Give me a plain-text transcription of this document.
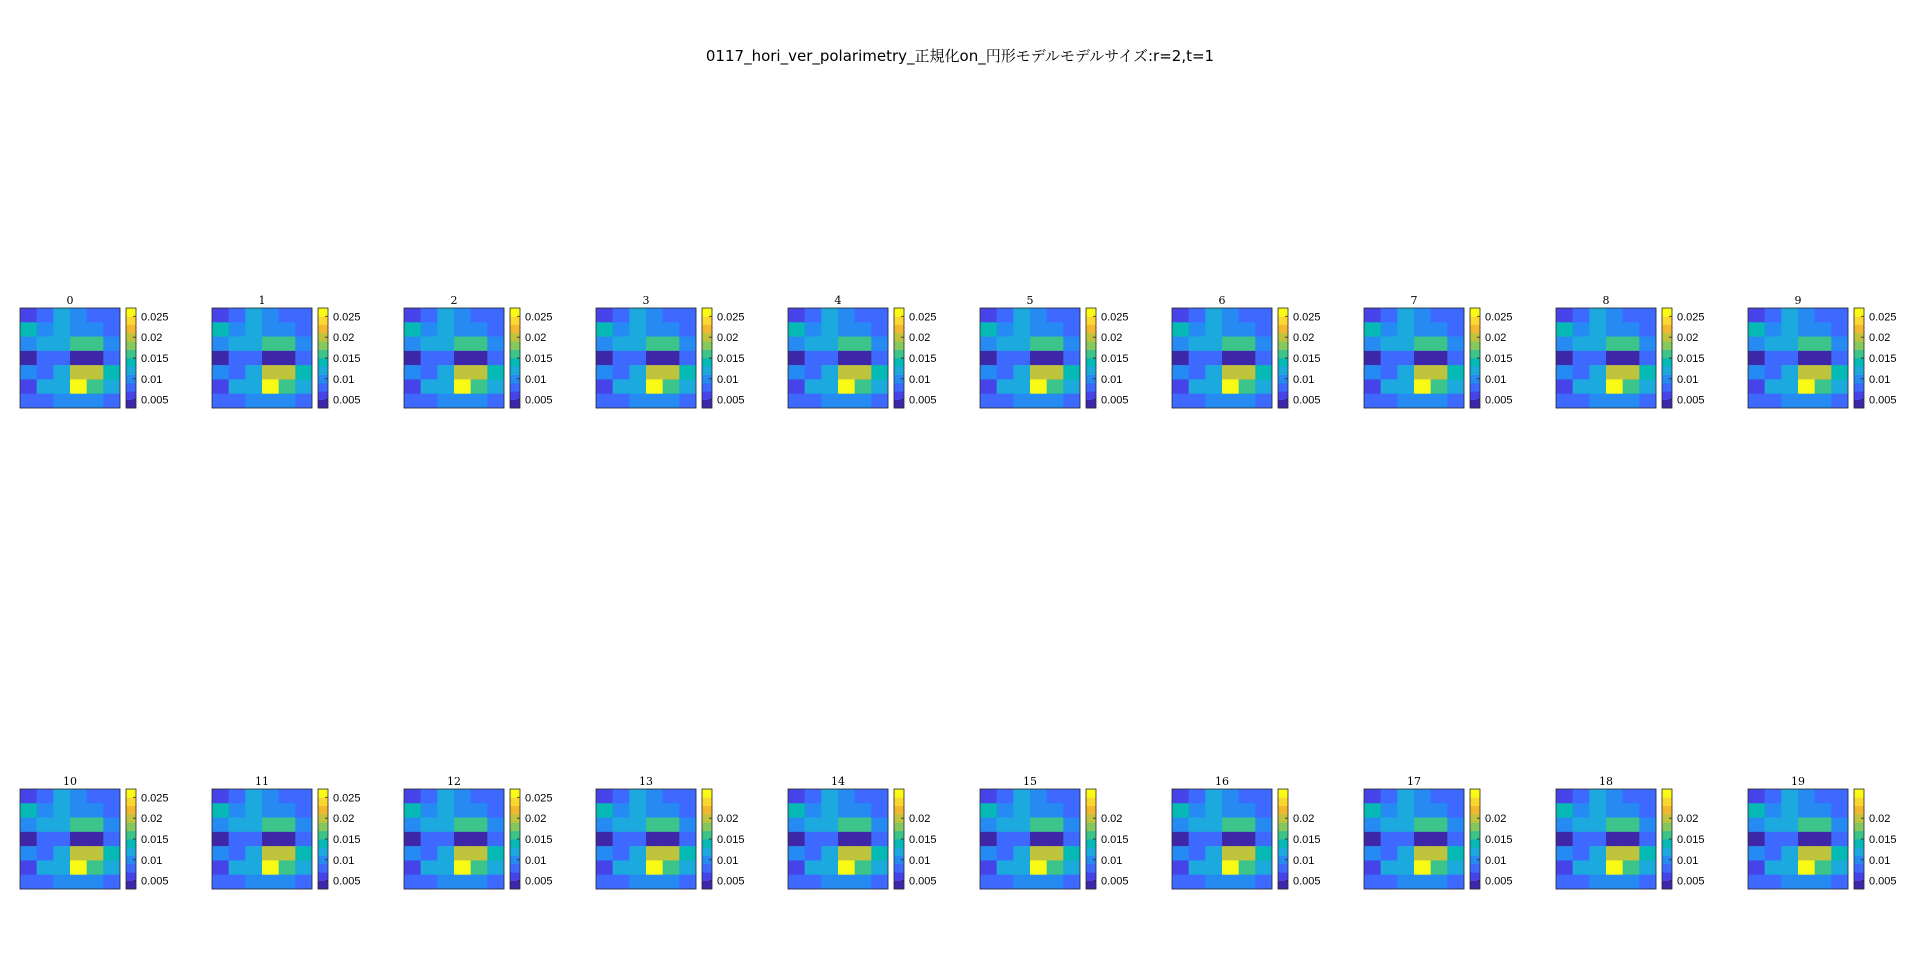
0117_hori_ver_polarimetry_正規化on_円形モデルモデルサイズ:r=2,t=1
0
0.025
0.02
0.015
0.01
0.005
1
0.025
0.02
0.015
0.01
0.005
2
0.025
0.02
0.015
0.01
0.005
3
0.025
0.02
0.015
0.01
0.005
4
0.025
0.02
0.015
0.01
0.005
5
0.025
0.02
0.015
0.01
0.005
6
0.025
0.02
0.015
0.01
0.005
7
0.025
0.02
0.015
0.01
0.005
8
0.025
0.02
0.015
0.01
0.005
9
0.025
0.02
0.015
0.01
0.005
10
0.025
0.02
0.015
0.01
0.005
11
0.025
0.02
0.015
0.01
0.005
12
0.025
0.02
0.015
0.01
0.005
13
0.02
0.015
0.01
0.005
14
0.02
0.015
0.01
0.005
15
0.02
0.015
0.01
0.005
16
0.02
0.015
0.01
0.005
17
0.02
0.015
0.01
0.005
18
0.02
0.015
0.01
0.005
19
0.02
0.015
0.01
0.005
